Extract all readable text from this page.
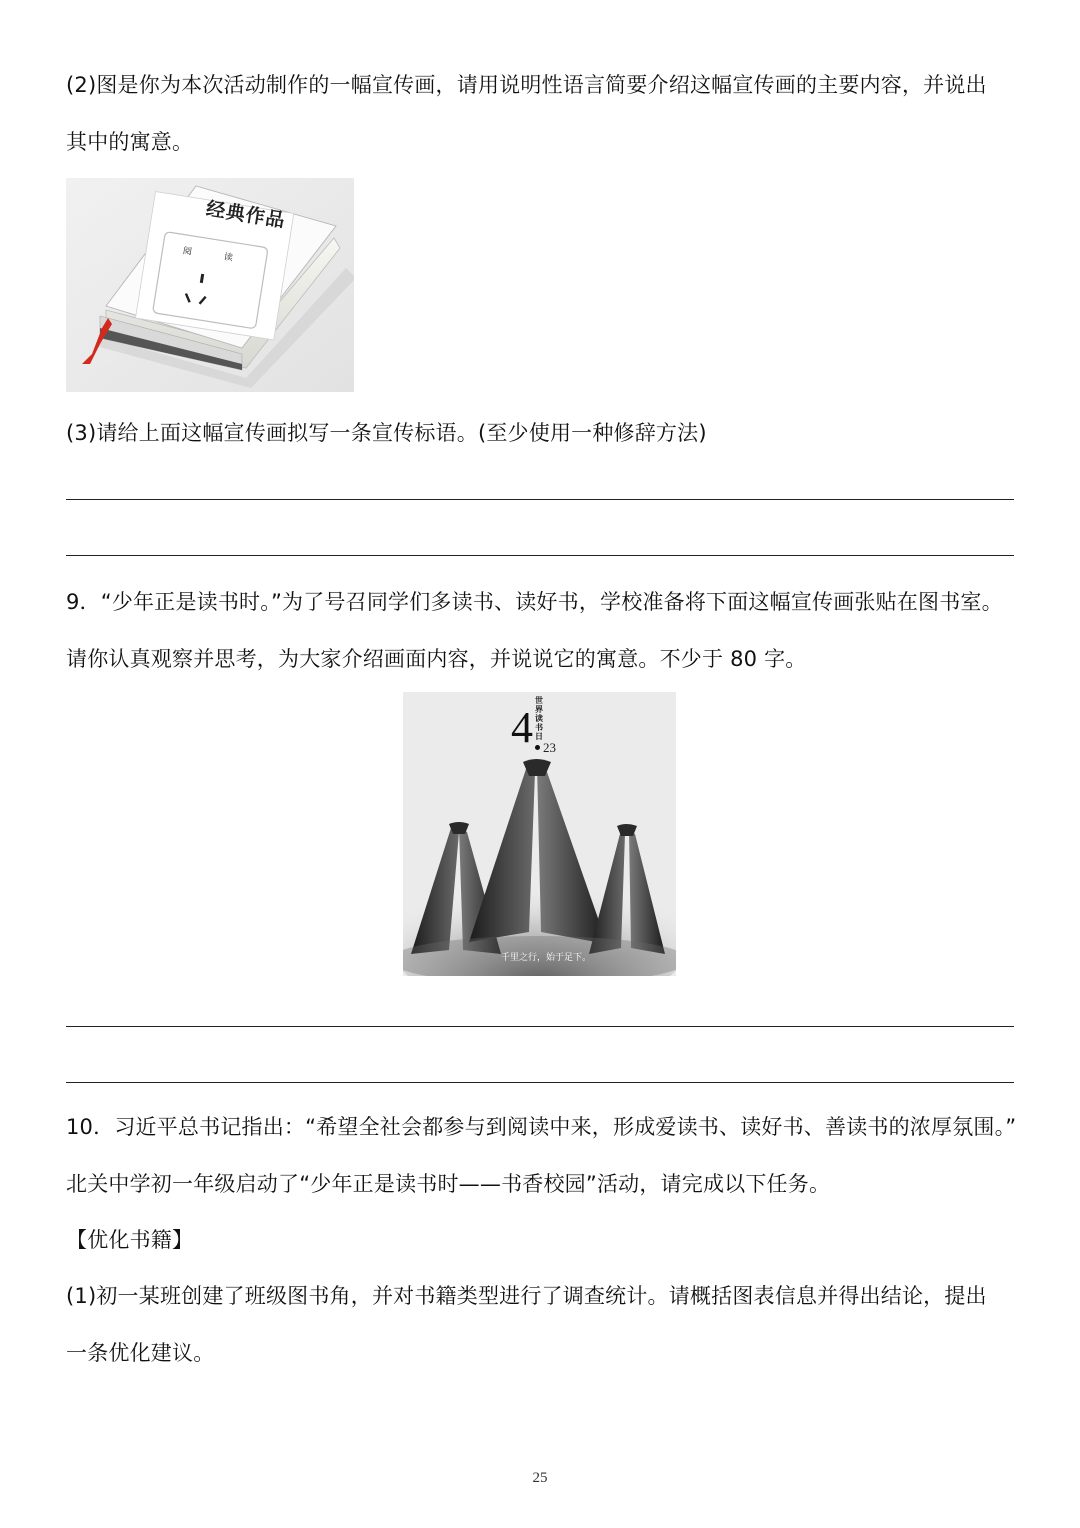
(2)图是你为本次活动制作的一幅宣传画，请用说明性语言简要介绍这幅宣传画的主要内容，并说出
其中的寓意。
经典作品
阅
读
(3)请给上面这幅宣传画拟写一条宣传标语。(至少使用一种修辞方法)
9．“少年正是读书时。”为了号召同学们多读书、读好书，学校准备将下面这幅宣传画张贴在图书室。
请你认真观察并思考，为大家介绍画面内容，并说说它的寓意。不少于 80 字。
世界读书日
4 23
千里之行，始于足下。
10．习近平总书记指出：“希望全社会都参与到阅读中来，形成爱读书、读好书、善读书的浓厚氛围。”
北关中学初一年级启动了“少年正是读书时——书香校园”活动，请完成以下任务。
【优化书籍】
(1)初一某班创建了班级图书角，并对书籍类型进行了调查统计。请概括图表信息并得出结论，提出
一条优化建议。
25
